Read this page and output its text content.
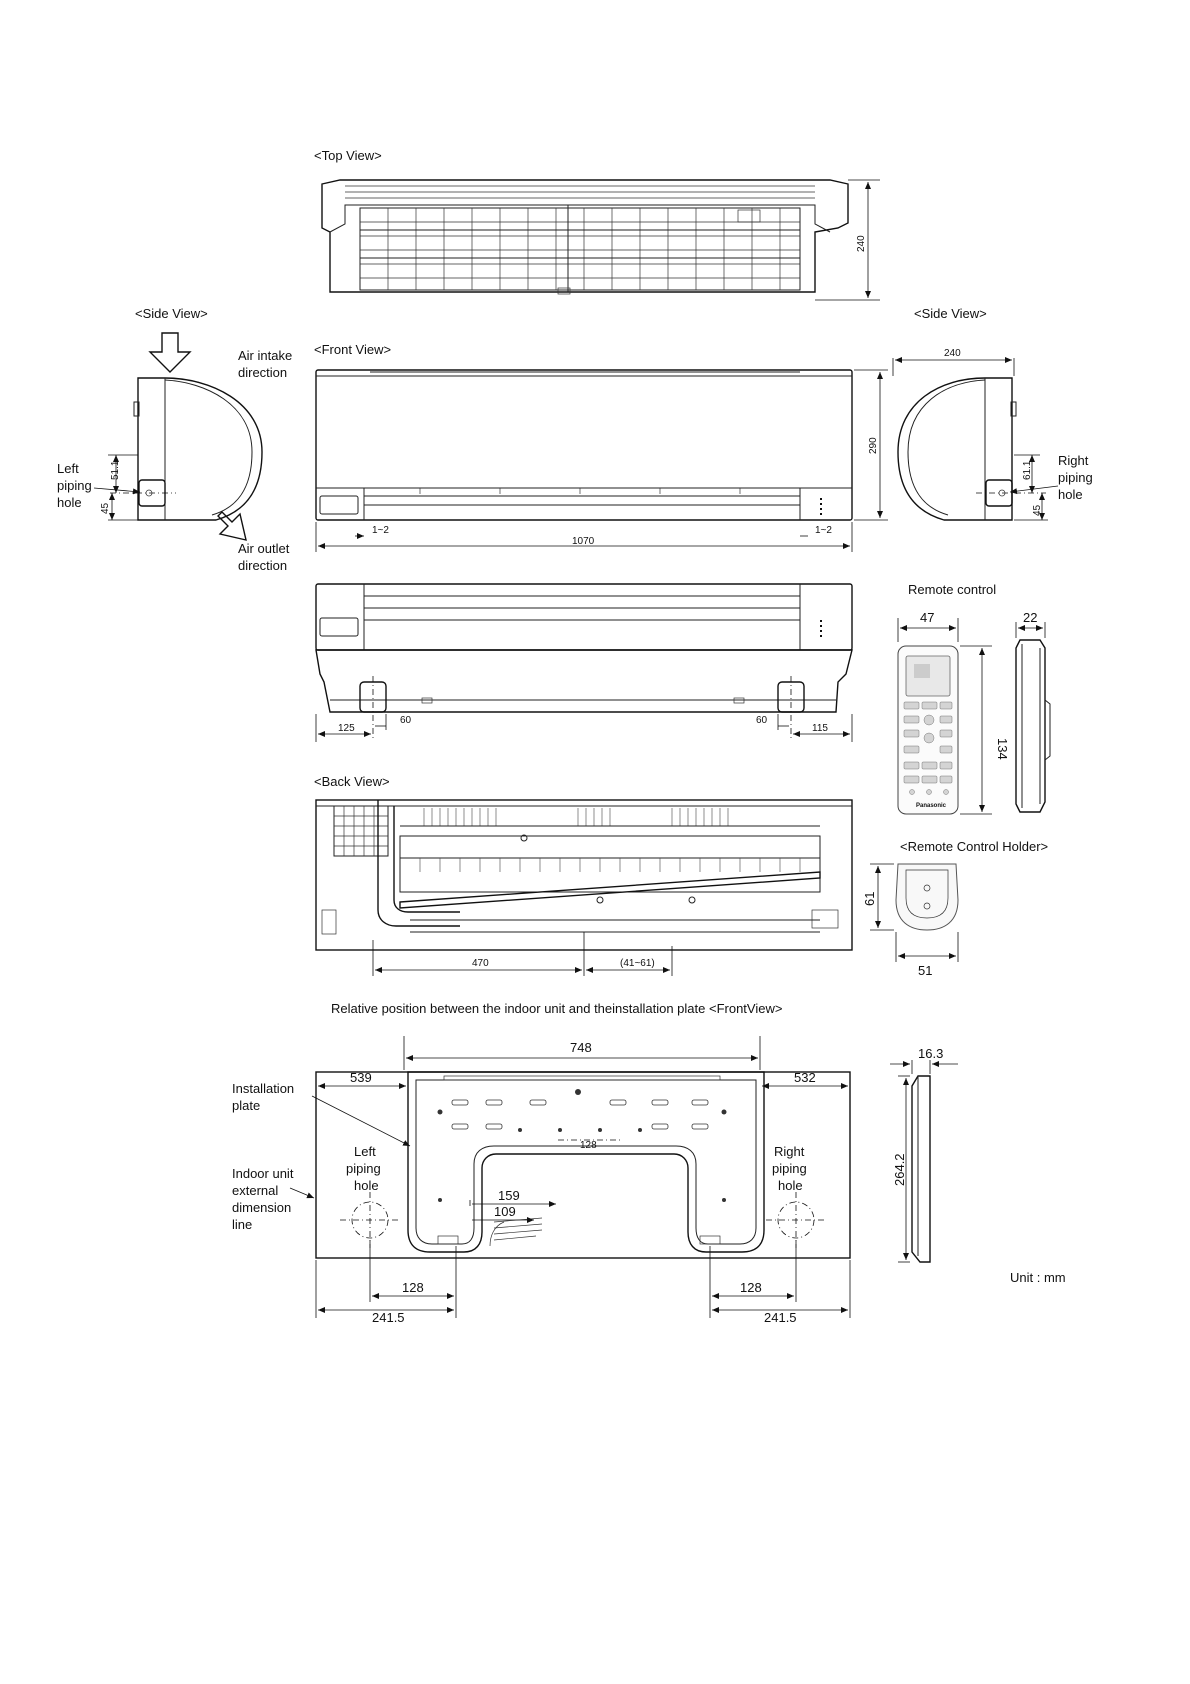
<Top View>
240
<Side View>
Air intake
direction
Air outlet
direction
Left
piping
hole
51.1
45
<Front View>
1070
1~2	1~2
290
<Side View>
240
61.1
45
Right
piping
hole
125
60	60
115
Remote control
Panasonic
47
134
22
<Remote Control Holder>
61
51
<Back View>
470	(41~61)
Relative position between the indoor unit and theinstallation plate <FrontView>
128
748
539	532
159
109
128
241.5
128
241.5
Installation
plate
Indoor unit
external
dimension
line
Left
piping
hole
Right
piping
hole
16.3
264.2
Unit : mm
